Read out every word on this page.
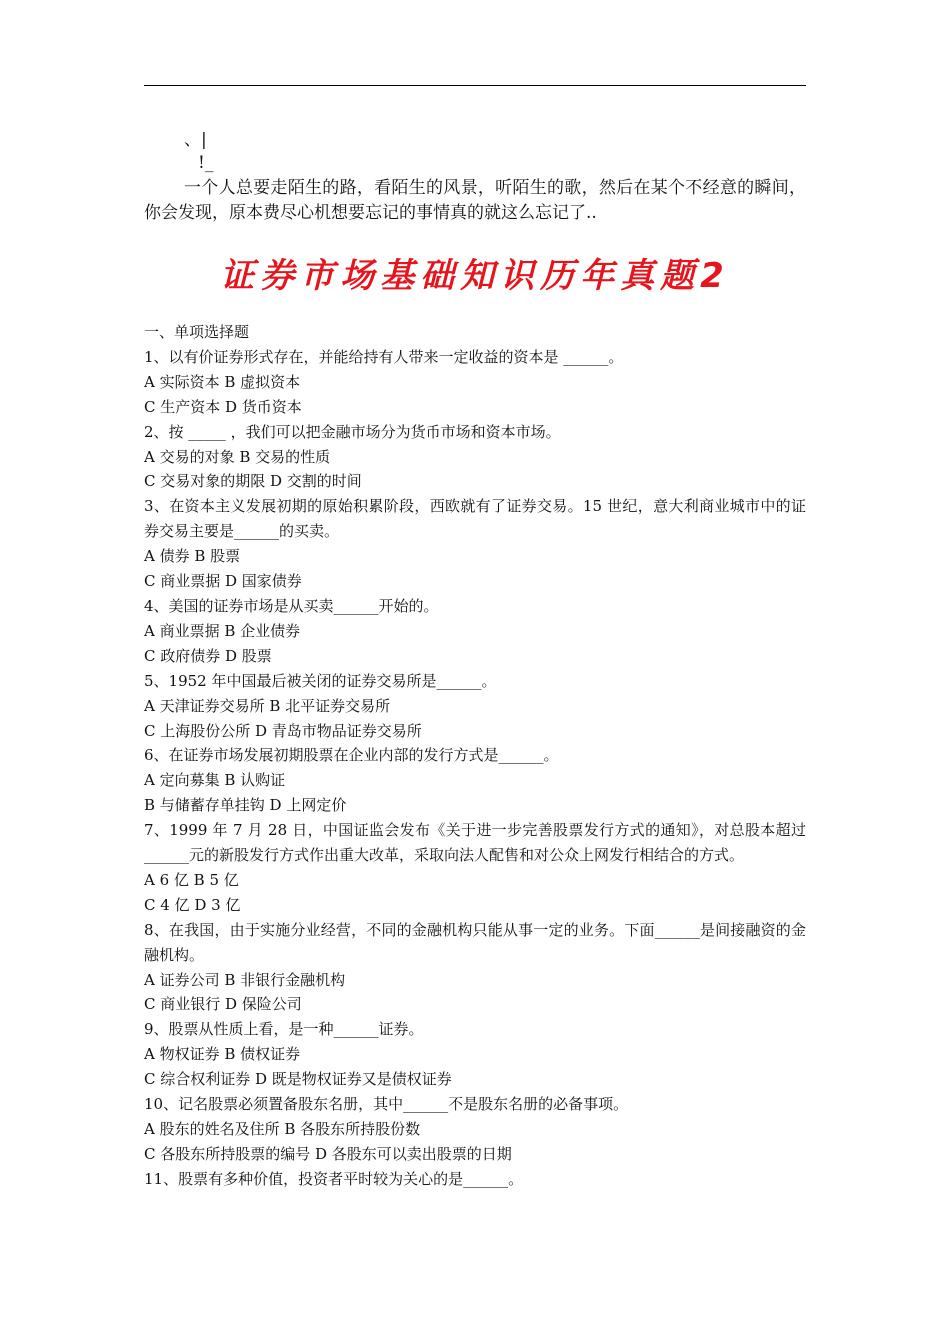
、|
!_

一个人总要走陌生的路，看陌生的风景，听陌生的歌，然后在某个不经意的瞬间，你会发现，原本费尽心机想要忘记的事情真的就这么忘记了..

证券市场基础知识历年真题2
一、单项选择题
1、以有价证券形式存在，并能给持有人带来一定收益的资本是 ______。
A 实际资本 B 虚拟资本
C 生产资本 D 货币资本
2、按 _____ ，我们可以把金融市场分为货币市场和资本市场。
A 交易的对象 B 交易的性质
C 交易对象的期限 D 交割的时间
3、在资本主义发展初期的原始积累阶段，西欧就有了证券交易。15 世纪，意大利商业城市中的证券交易主要是______的买卖。
A 债券 B 股票
C 商业票据 D 国家债券
4、美国的证券市场是从买卖______开始的。
A 商业票据 B 企业债券
C 政府债券 D 股票
5、1952 年中国最后被关闭的证券交易所是______。
A 天津证券交易所 B 北平证券交易所
C 上海股份公所 D 青岛市物品证券交易所
6、在证券市场发展初期股票在企业内部的发行方式是______。
A 定向募集 B 认购证
B 与储蓄存单挂钩 D 上网定价
7、1999 年 7 月 28 日，中国证监会发布《关于进一步完善股票发行方式的通知》，对总股本超过______元的新股发行方式作出重大改革，采取向法人配售和对公众上网发行相结合的方式。
A 6 亿 B 5 亿
C 4 亿 D 3 亿
8、在我国，由于实施分业经营，不同的金融机构只能从事一定的业务。下面______是间接融资的金融机构。
A 证券公司 B 非银行金融机构
C 商业银行 D 保险公司
9、股票从性质上看，是一种______证券。
A 物权证券 B 债权证券
C 综合权利证券 D 既是物权证券又是债权证券
10、记名股票必须置备股东名册，其中______不是股东名册的必备事项。
A 股东的姓名及住所 B 各股东所持股份数
C 各股东所持股票的编号 D 各股东可以卖出股票的日期
11、股票有多种价值，投资者平时较为关心的是______。
